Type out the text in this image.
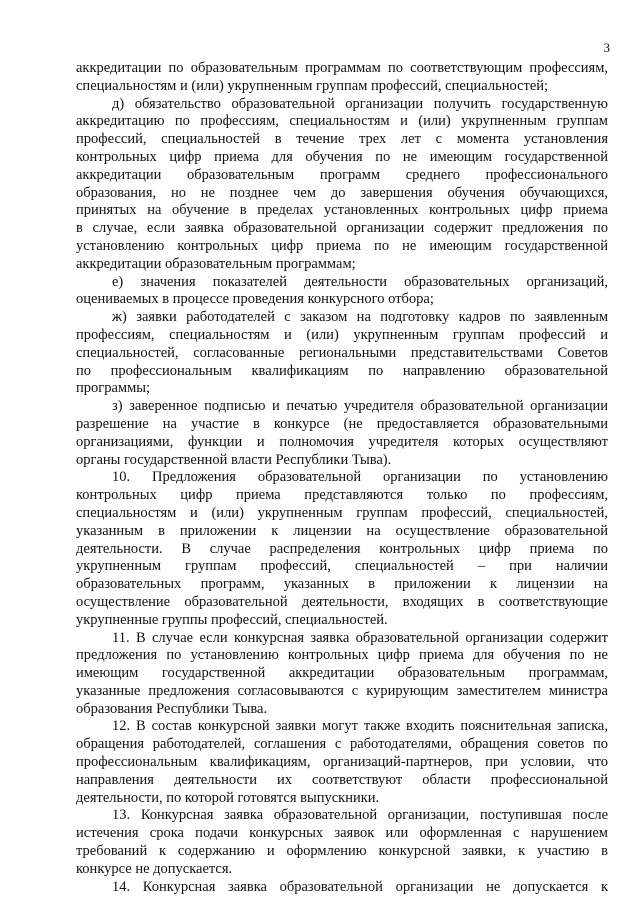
3
аккредитации по образовательным программам по соответствующим профессиям,
специальностям и (или) укрупненным группам профессий, специальностей;
д) обязательство образовательной организации получить государственную
аккредитацию по профессиям, специальностям и (или) укрупненным группам
профессий, специальностей в течение трех лет с момента установления
контрольных цифр приема для обучения по не имеющим государственной
аккредитации образовательным программ среднего профессионального
образования, но не позднее чем до завершения обучения обучающихся,
принятых на обучение в пределах установленных контрольных цифр приема
в случае, если заявка образовательной организации содержит предложения по
установлению контрольных цифр приема по не имеющим государственной
аккредитации образовательным программам;
е) значения показателей деятельности образовательных организаций,
оцениваемых в процессе проведения конкурсного отбора;
ж) заявки работодателей с заказом на подготовку кадров по заявленным
профессиям, специальностям и (или) укрупненным группам профессий и
специальностей, согласованные региональными представительствами Советов
по профессиональным квалификациям по направлению образовательной
программы;
з) заверенное подписью и печатью учредителя образовательной организации
разрешение на участие в конкурсе (не предоставляется образовательными
организациями, функции и полномочия учредителя которых осуществляют
органы государственной власти Республики Тыва).
10. Предложения образовательной организации по установлению
контрольных цифр приема представляются только по профессиям,
специальностям и (или) укрупненным группам профессий, специальностей,
указанным в приложении к лицензии на осуществление образовательной
деятельности. В случае распределения контрольных цифр приема по
укрупненным группам профессий, специальностей – при наличии
образовательных программ, указанных в приложении к лицензии на
осуществление образовательной деятельности, входящих в соответствующие
укрупненные группы профессий, специальностей.
11. В случае если конкурсная заявка образовательной организации содержит
предложения по установлению контрольных цифр приема для обучения по не
имеющим государственной аккредитации образовательным программам,
указанные предложения согласовываются с курирующим заместителем министра
образования Республики Тыва.
12. В состав конкурсной заявки могут также входить пояснительная записка,
обращения работодателей, соглашения с работодателями, обращения советов по
профессиональным квалификациям, организаций-партнеров, при условии, что
направления деятельности их соответствуют области профессиональной
деятельности, по которой готовятся выпускники.
13. Конкурсная заявка образовательной организации, поступившая после
истечения срока подачи конкурсных заявок или оформленная с нарушением
требований к содержанию и оформлению конкурсной заявки, к участию в
конкурсе не допускается.
14. Конкурсная заявка образовательной организации не допускается к
